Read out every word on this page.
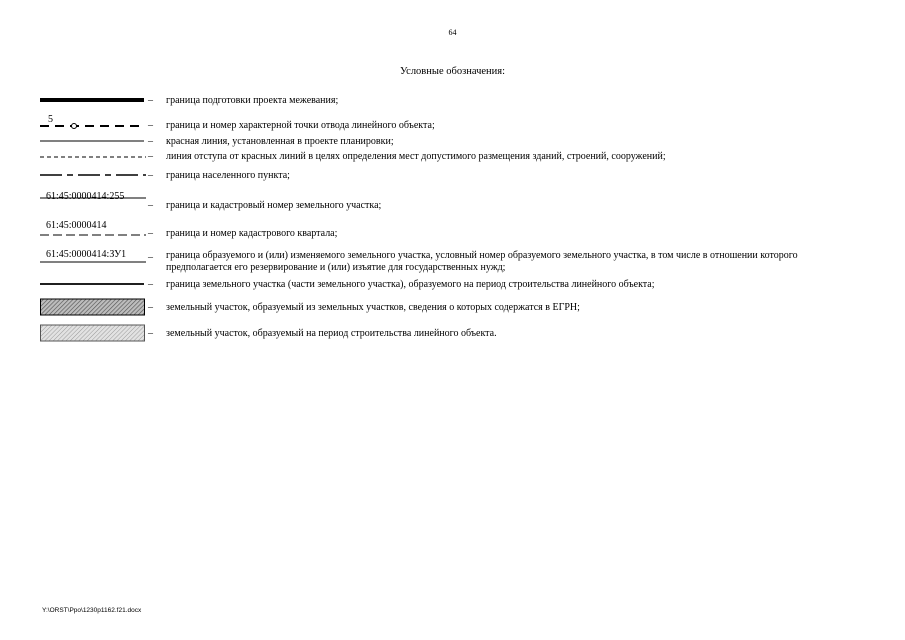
64
Условные обозначения:
– граница подготовки проекта межевания;
5
– граница и номер характерной точки отвода линейного объекта;
– красная линия, установленная в проекте планировки;
– линия отступа от красных линий в целях определения мест допустимого размещения зданий, строений, сооружений;
– граница населенного пункта;
61:45:0000414:255
– граница и кадастровый номер земельного участка;
61:45:0000414
– граница и номер кадастрового квартала;
61:45:0000414:ЗУ1 – граница образуемого и (или) изменяемого земельного участка, условный номер образуемого земельного участка, в том числе в отношении которого предполагается его резервирование и (или) изъятие для государственных нужд;
– граница земельного участка (части земельного участка), образуемого на период строительства линейного объекта;
– земельный участок, образуемый из земельных участков, сведения о которых содержатся в ЕГРН;
– земельный участок, образуемый на период строительства линейного объекта.
Y:\ORST\Ppo\1230p1162.f21.docx
